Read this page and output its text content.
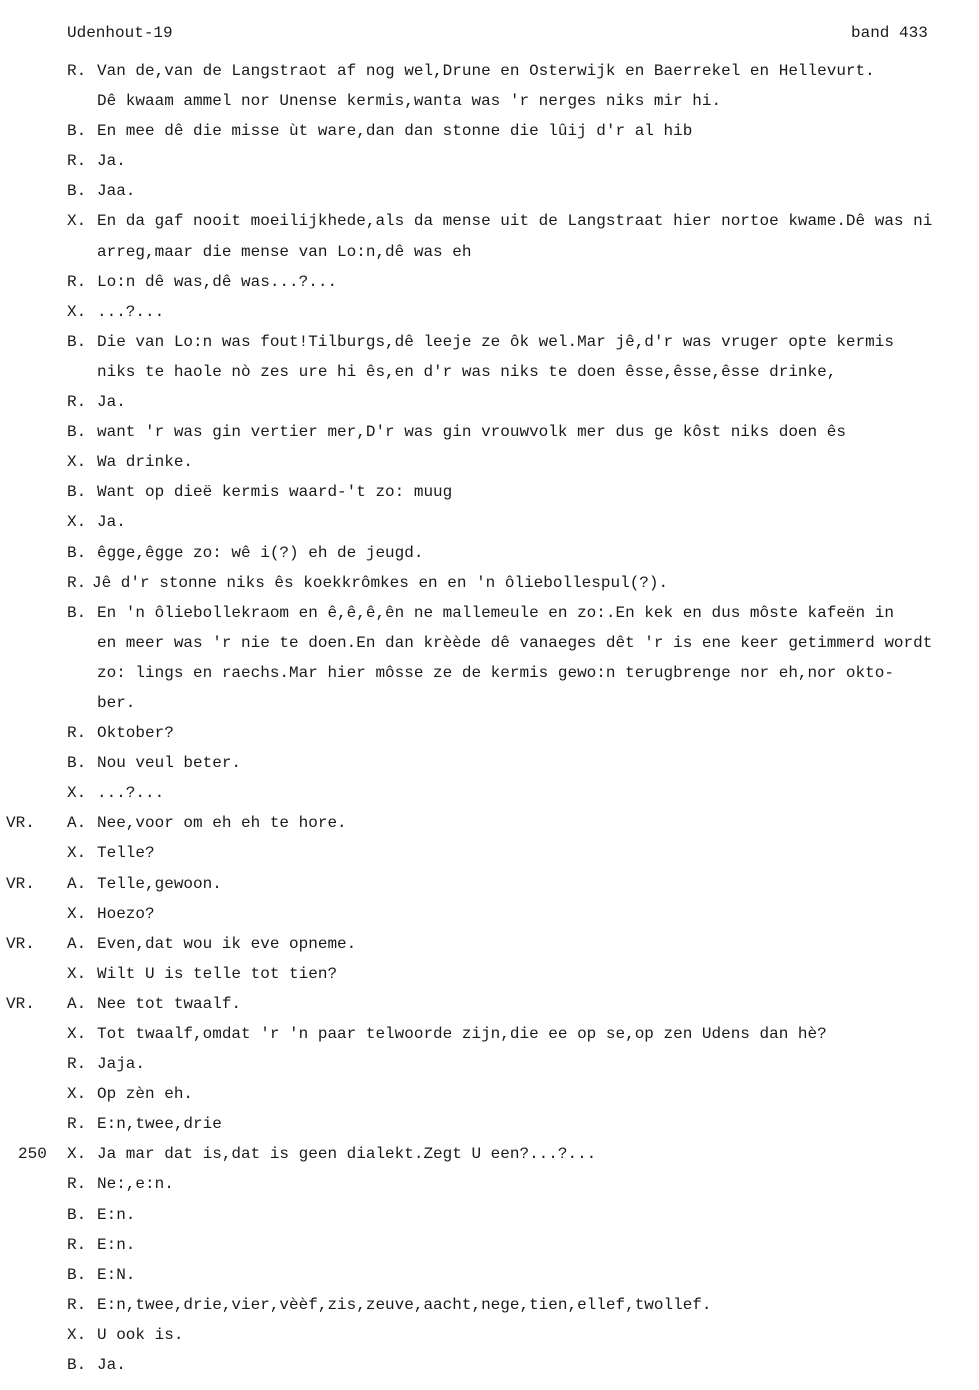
Udenhout-19	band 433
R. Van de,van de Langstraot af nog wel,Drune en Osterwijk en Baerrekel en Hellevurt.
Dê kwaam ammel nor Unense kermis,wanta was 'r nerges niks mir hi.
B. En mee dê die misse ùt ware,dan dan stonne die lûij d'r al hib
R. Ja.
B. Jaa.
X. En da gaf nooit moeilijkhede,als da mense uit de Langstraat hier nortoe kwame.Dê was ni
arreg,maar die mense van Lo:n,dê was eh
R. Lo:n dê was,dê was...?...
X. ...?...
B. Die van Lo:n was fout!Tilburgs,dê leeje ze ôk wel.Mar jê,d'r was vruger opte kermis
niks te haole nò zes ure hi ês,en d'r was niks te doen êsse,êsse,êsse drinke,
R. Ja.
B. want 'r was gin vertier mer,D'r was gin vrouwvolk mer dus ge kôst niks doen ês
X. Wa drinke.
B. Want op dieë kermis waard-'t zo: muug
X. Ja.
B. êgge,êgge zo: wê i(?) eh de jeugd.
R. Jê d'r stonne niks ês koekkrômkes en en 'n ôliebollespul(?).
B. En 'n ôliebollekraom en ê,ê,ê,ên ne mallemeule en zo:.En kek en dus môste kafeën in
en meer was 'r nie te doen.En dan krèède dê vanaeges dêt 'r is ene keer getimmerd wordt
zo: lings en raechs.Mar hier môsse ze de kermis gewo:n terugbrenge nor eh,nor okto-
ber.
R. Oktober?
B. Nou veul beter.
X. ...?...
VR. A. Nee,voor om eh eh te hore.
X. Telle?
VR. A. Telle,gewoon.
X. Hoezo?
VR. A. Even,dat wou ik eve opneme.
X. Wilt U is telle tot tien?
VR. A. Nee tot twaalf.
X. Tot twaalf,omdat 'r 'n paar telwoorde zijn,die ee op se,op zen Udens dan hè?
R. Jaja.
X. Op zèn eh.
R. E:n,twee,drie
250 X. Ja mar dat is,dat is geen dialekt.Zegt U een?...?...
R. Ne:,e:n.
B. E:n.
R. E:n.
B. E:N.
R. E:n,twee,drie,vier,vèèf,zis,zeuve,aacht,nege,tien,ellef,twollef.
X. U ook is.
B. Ja.
